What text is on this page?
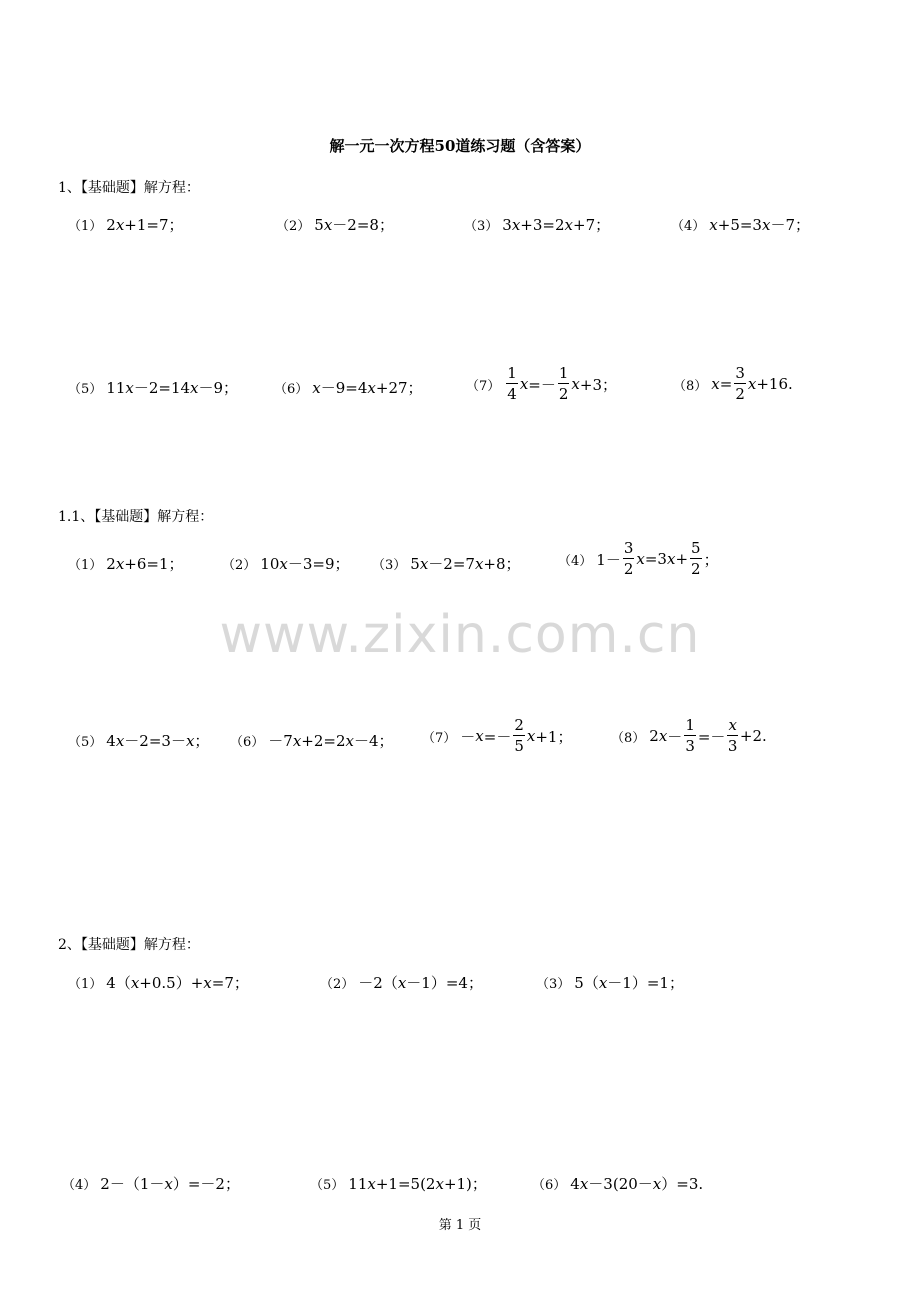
解一元一次方程50道练习题（含答案）
1、【基础题】解方程：
（1） 2 x +1=7；	（2） 5 x －2=8；	（3） 3 x +3=2 x +7；	（4） x +5=3 x －7；
（5） 11 x －2=14 x －9；	（6） x －9=4 x +27；	$(7) \frac{1}{4}$ $x =- \frac{1}{2}$ x +3；	（8） $x = \frac{3}{2}$ x +16.
1.1、【基础题】解方程：
（1） 2 x +6=1；	（2） 10 x －3=9； （3） 5 x －2=7 x +8；	（4） $1- \frac{3}{2}$ x =3 $x + \frac{5}{2}$ ；
www.zixin.com.cn
（5） 4 x －2=3－ x ； （6） －7 x +2=2 x －4； $(7) - x =- \frac{2}{5}$ x +1；	（8） 2 $x - \frac{1}{3} =- \frac{x}{3} +2$.
2、【基础题】解方程：
（1） 4（ x +0.5）+ x =7；	（2） －2（ x －1）=4；	（3） 5（ x －1）=1；
（4） 2－（1－ x ）=－2；	（5） 11 x +1=5(2 x +1)；	（6） 4 x －3(20－ x ）=3.
第 1 页
